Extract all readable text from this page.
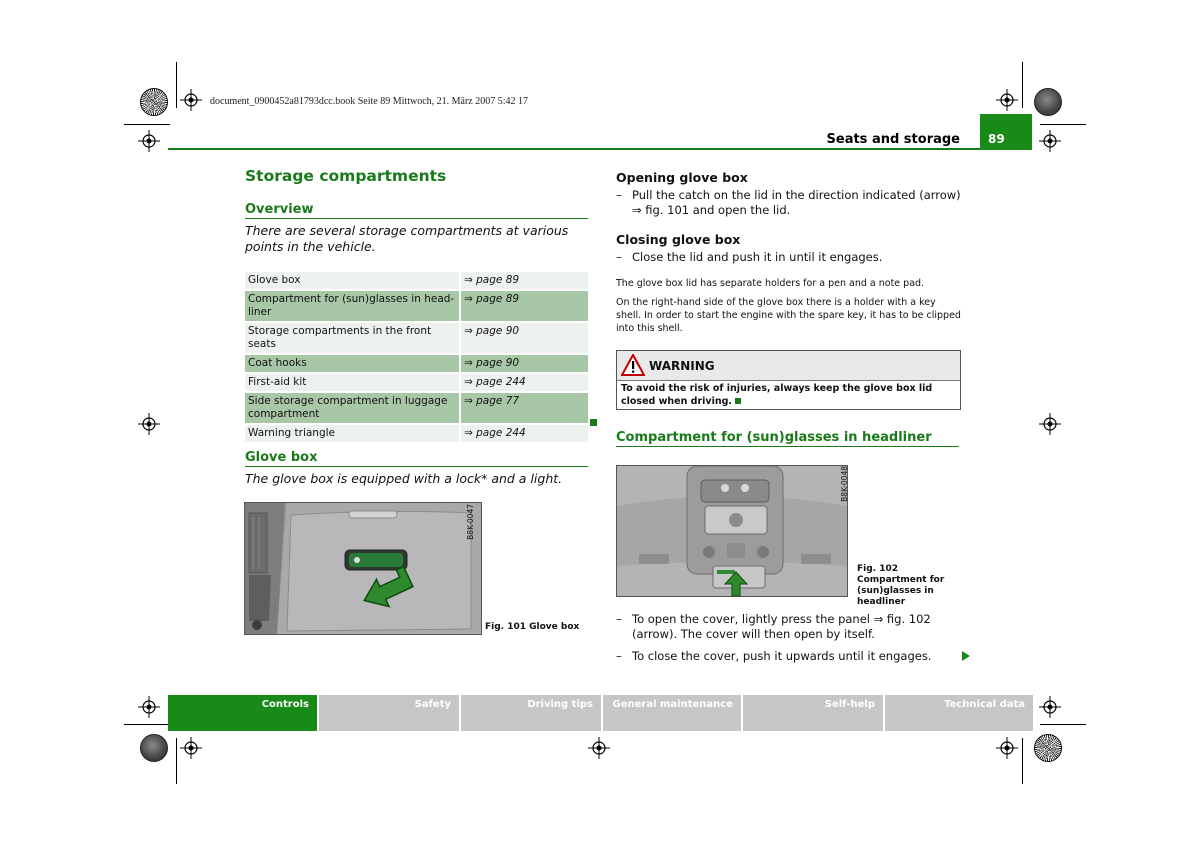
document_0900452a81793dcc.book Seite 89 Mittwoch, 21. März 2007 5:42 17
Seats and storage 89
Storage compartments
Overview
There are several storage compartments at various points in the vehicle.
Glove box	⇒ page 89
Compartment for (sun)glasses in head-liner	⇒ page 89
Storage compartments in the front seats	⇒ page 90
Coat hooks	⇒ page 90
First-aid kit	⇒ page 244
Side storage compartment in luggage compartment	⇒ page 77
Warning triangle	⇒ page 244
Glove box
The glove box is equipped with a lock* and a light.
B8K-0047
Fig. 101 Glove box
Opening glove box
– Pull the catch on the lid in the direction indicated (arrow) ⇒ fig. 101 and open the lid.
Closing glove box
– Close the lid and push it in until it engages.
The glove box lid has separate holders for a pen and a note pad.
On the right-hand side of the glove box there is a holder with a key shell. In order to start the engine with the spare key, it has to be clipped into this shell.
WARNING
To avoid the risk of injuries, always keep the glove box lid closed when driving.
Compartment for (sun)glasses in headliner
B8K-0048
Fig. 102 Compartment for (sun)glasses in headliner
– To open the cover, lightly press the panel ⇒ fig. 102 (arrow). The cover will then open by itself.
– To close the cover, push it upwards until it engages.
Controls	Safety	Driving tips	General maintenance	Self-help	Technical data
